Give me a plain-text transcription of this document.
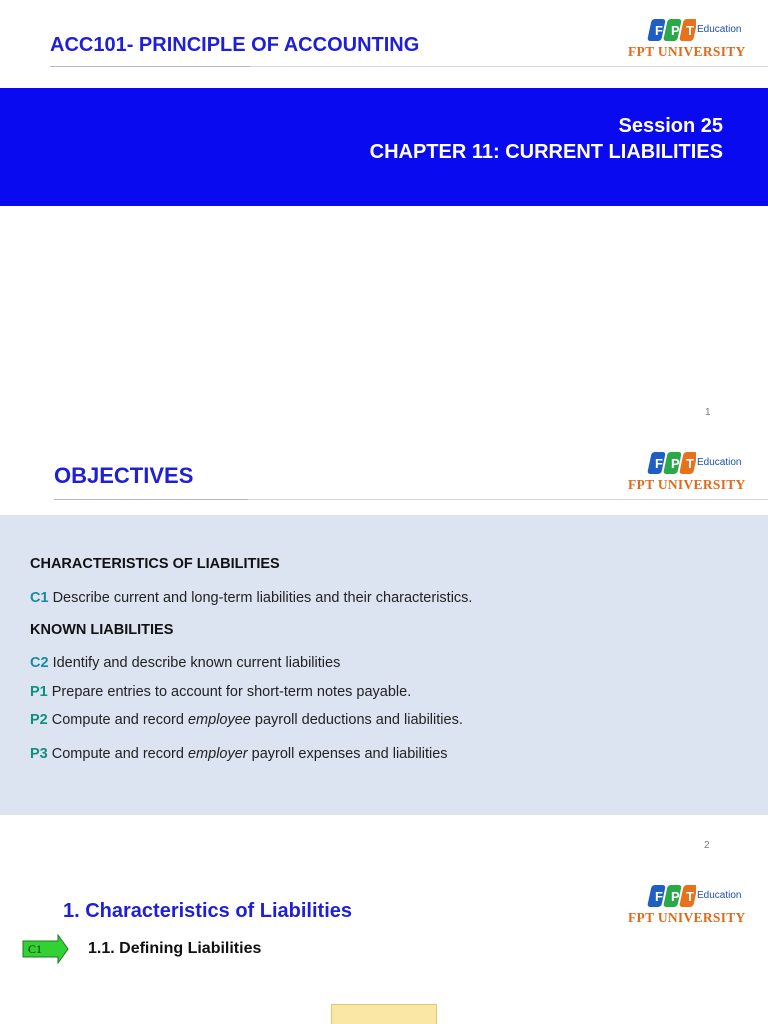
ACC101- PRINCIPLE OF ACCOUNTING
F P T Education
FPT UNIVERSITY
Session 25
CHAPTER 11: CURRENT LIABILITIES
1
OBJECTIVES	F P T Education
FPT UNIVERSITY
CHARACTERISTICS OF LIABILITIES
C1 Describe current and long-term liabilities and their characteristics.
KNOWN LIABILITIES
C2 Identify and describe known current liabilities
P1 Prepare entries to account for short-term notes payable.
P2 Compute and record employee payroll deductions and liabilities.
P3 Compute and record employer payroll expenses and liabilities
2
1. Characteristics of Liabilities
F P T Education
FPT UNIVERSITY
C1	1.1. Defining Liabilities
